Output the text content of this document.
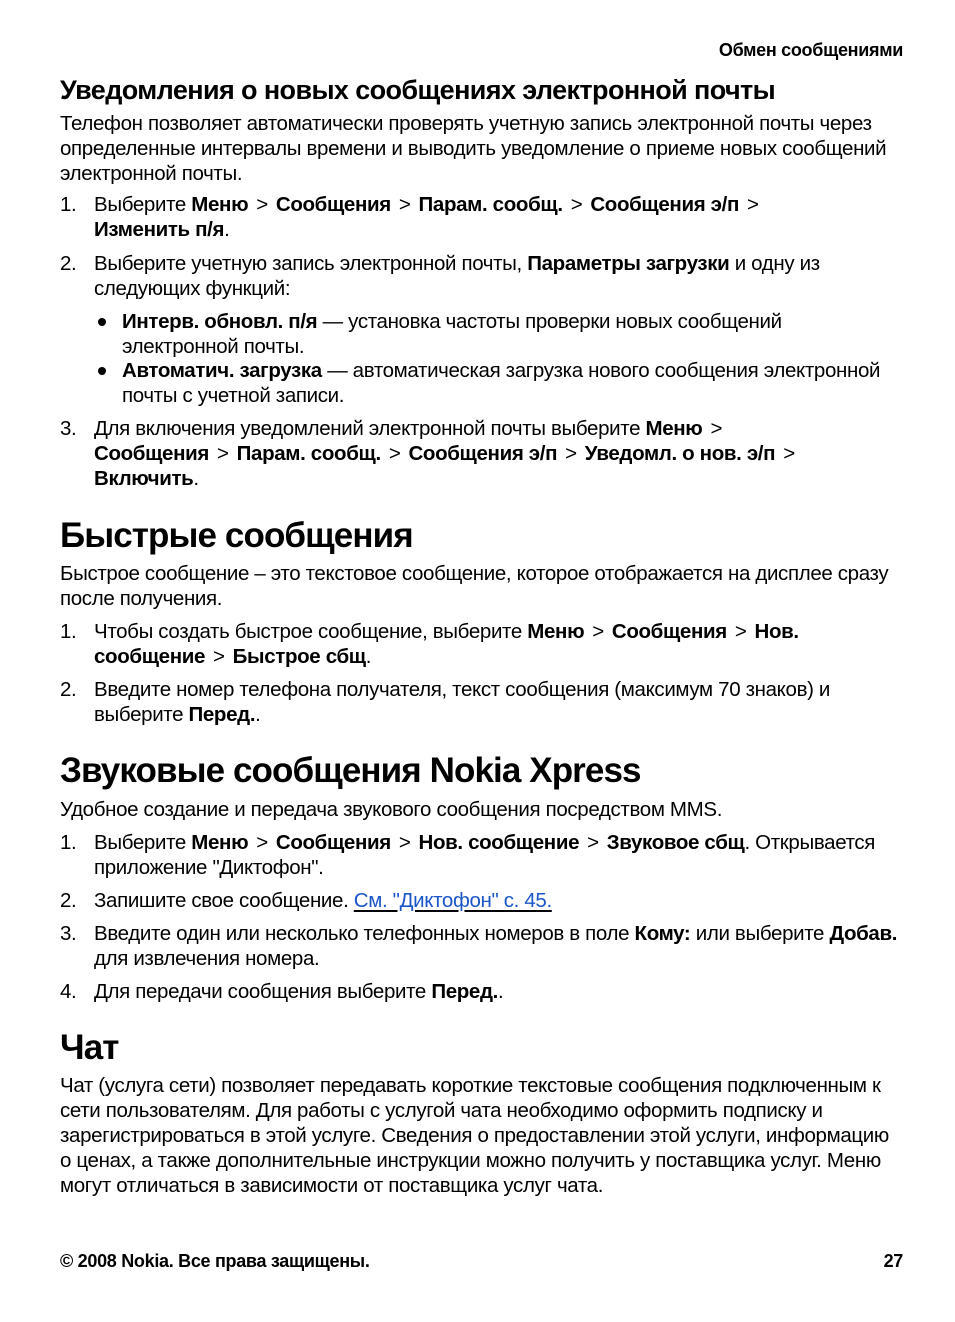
Обмен сообщениями
Уведомления о новых сообщениях электронной почты

Телефон позволяет автоматически проверять учетную запись электронной почты через определенные интервалы времени и выводить уведомление о приеме новых сообщений электронной почты.

1. Выберите Меню > Сообщения > Парам. сообщ. > Сообщения э/п >
Изменить п/я.
2. Выберите учетную запись электронной почты, Параметры загрузки и одну из следующих функций:
Интерв. обновл. п/я — установка частоты проверки новых сообщений электронной почты.
Автоматич. загрузка — автоматическая загрузка нового сообщения электронной почты с учетной записи.
3. Для включения уведомлений электронной почты выберите Меню >
Сообщения > Парам. сообщ. > Сообщения э/п > Уведомл. о нов. э/п >
Включить.
Быстрые сообщения

Быстрое сообщение – это текстовое сообщение, которое отображается на дисплее сразу после получения.

1. Чтобы создать быстрое сообщение, выберите Меню > Сообщения > Нов. сообщение > Быстрое сбщ.
2. Введите номер телефона получателя, текст сообщения (максимум 70 знаков) и выберите Перед..
Звуковые сообщения Nokia Xpress

Удобное создание и передача звукового сообщения посредством MMS.

1. Выберите Меню > Сообщения > Нов. сообщение > Звуковое сбщ. Открывается приложение "Диктофон".
2. Запишите свое сообщение. См. "Диктофон" с. 45.
3. Введите один или несколько телефонных номеров в поле Кому: или выберите Добав. для извлечения номера.
4. Для передачи сообщения выберите Перед..
Чат

Чат (услуга сети) позволяет передавать короткие текстовые сообщения подключенным к сети пользователям. Для работы с услугой чата необходимо оформить подписку и зарегистрироваться в этой услуге. Сведения о предоставлении этой услуги, информацию о ценах, а также дополнительные инструкции можно получить у поставщика услуг. Меню могут отличаться в зависимости от поставщика услуг чата.

© 2008 Nokia. Все права защищены.	27
